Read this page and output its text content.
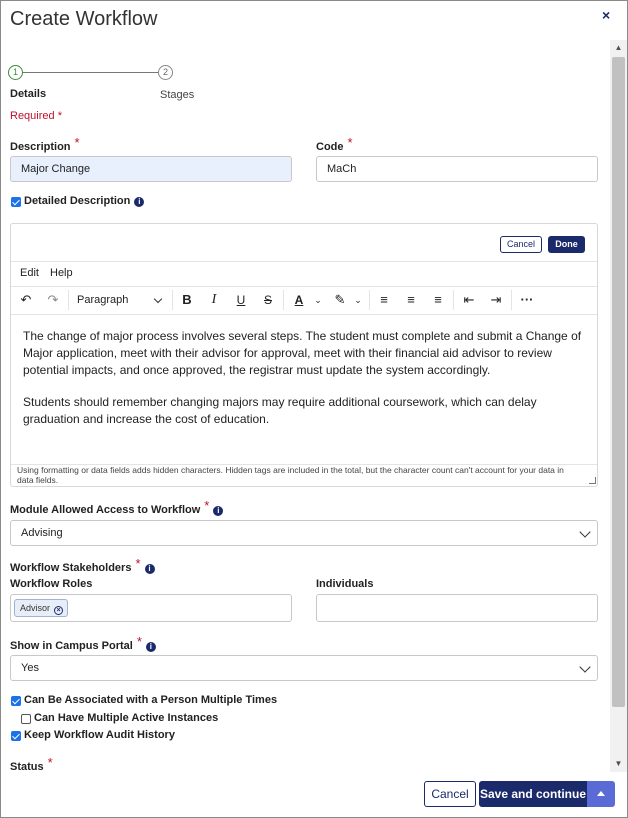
Create Workflow	×
▲
▼
1	2
Details	Stages
Required *
Description *
Major Change
Code *
MaCh
Detailed Description i
Cancel	Done
Edit Help
↶	↷	Paragraph	B	I	U	S	A	⌄ ✎ ⌄	≡	≡	≡	⇤ ⇥ ···

The change of major process involves several steps. The student must complete and submit a Change of Major application, meet with their advisor for approval, meet with their financial aid advisor to review potential impacts, and once approved, the registrar must update the system accordingly.

Students should remember changing majors may require additional coursework, which can delay graduation and increase the cost of education.

Using formatting or data fields adds hidden characters. Hidden tags are included in the total, but the character count can't account for your data in data fields.
Module Allowed Access to Workflow * i
Advising
Workflow Stakeholders * i
Workflow Roles
Advisor ×
Individuals
Show in Campus Portal * i
Yes
Can Be Associated with a Person Multiple Times
Can Have Multiple Active Instances
Keep Workflow Audit History
Status *
Cancel Save and continue
